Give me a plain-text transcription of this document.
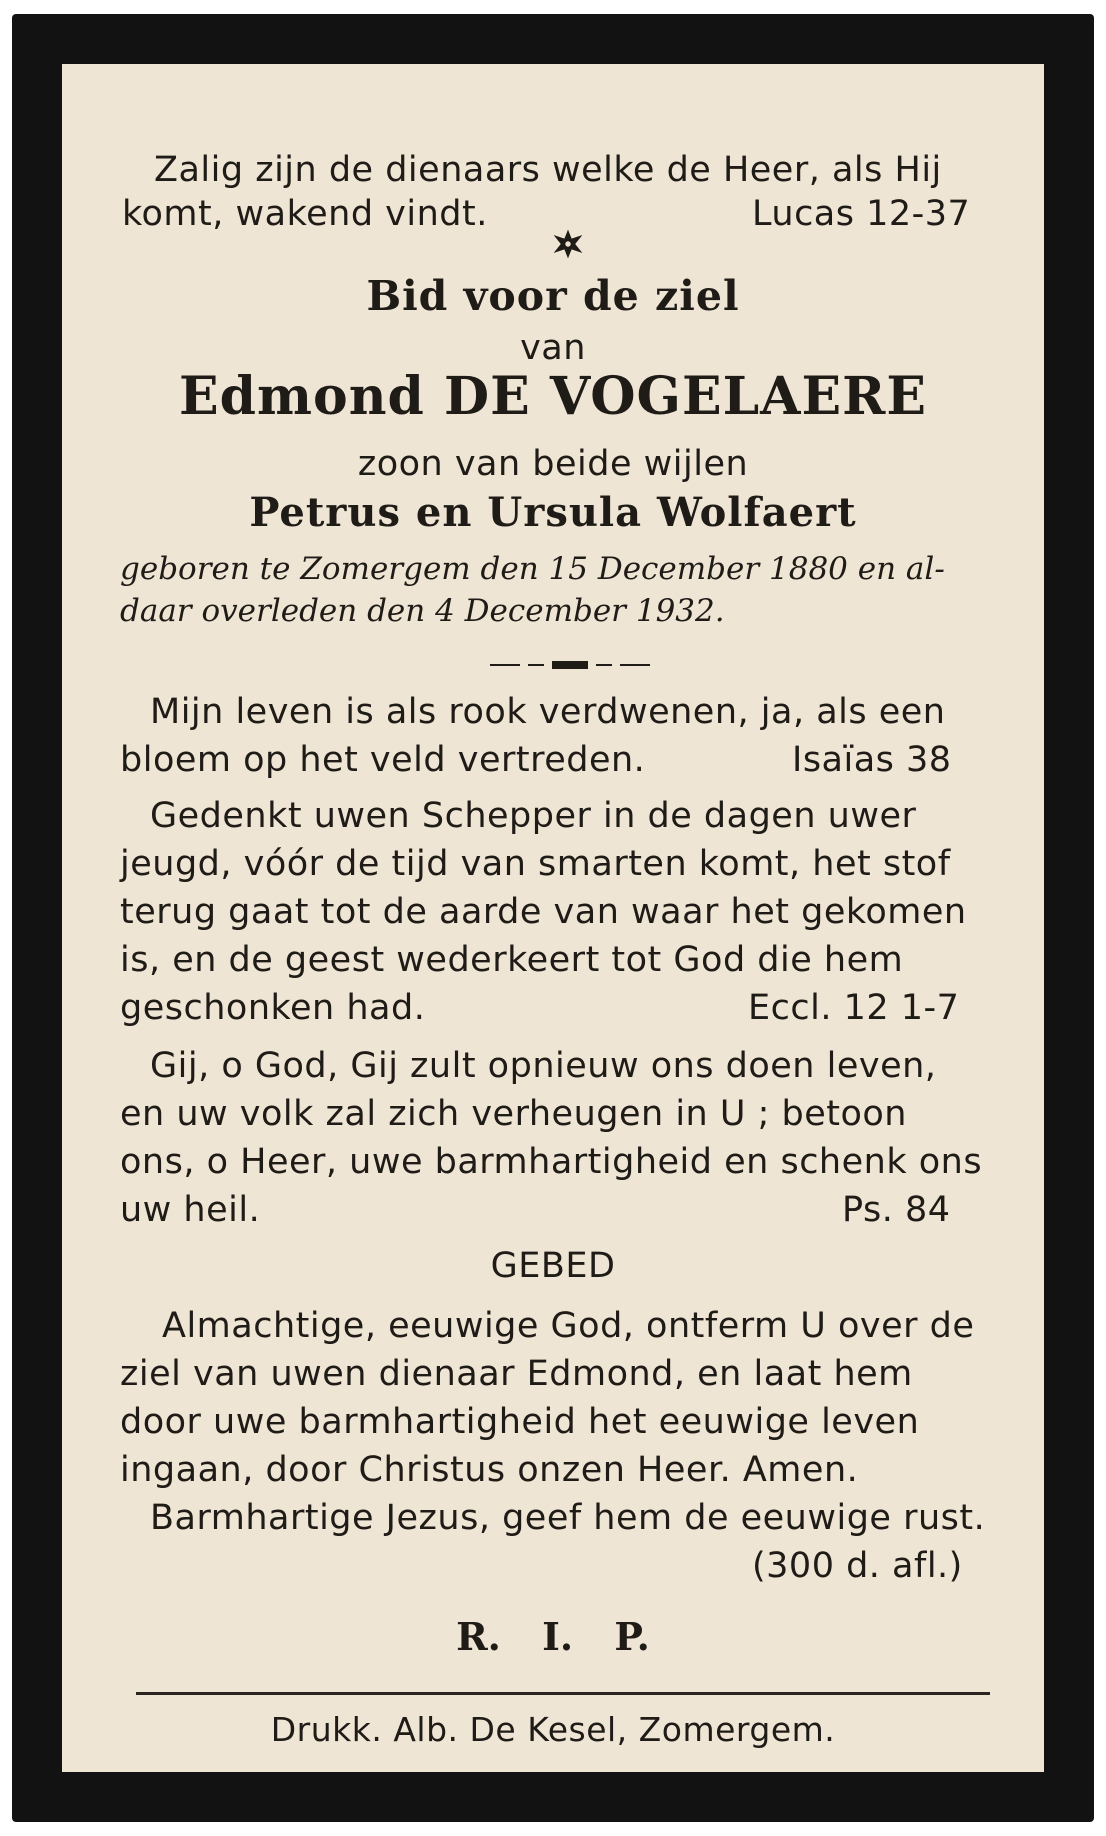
Zalig zijn de dienaars welke de Heer, als Hij
komt, wakend vindt.	Lucas 12-37
Bid voor de ziel
van
Edmond DE VOGELAERE
zoon van beide wijlen
Petrus en Ursula Wolfaert
geboren te Zomergem den 15 December 1880 en al-
daar overleden den 4 December 1932.
Mijn leven is als rook verdwenen, ja, als een
bloem op het veld vertreden.	Isaïas 38
Gedenkt uwen Schepper in de dagen uwer
jeugd, vóór de tijd van smarten komt, het stof
terug gaat tot de aarde van waar het gekomen
is, en de geest wederkeert tot God die hem
geschonken had.	Eccl. 12 1-7
Gij, o God, Gij zult opnieuw ons doen leven,
en uw volk zal zich verheugen in U ; betoon
ons, o Heer, uwe barmhartigheid en schenk ons
uw heil.	Ps. 84
GEBED
Almachtige, eeuwige God, ontferm U over de
ziel van uwen dienaar Edmond, en laat hem
door uwe barmhartigheid het eeuwige leven
ingaan, door Christus onzen Heer. Amen.
Barmhartige Jezus, geef hem de eeuwige rust.
(300 d. afl.)
R. I. P.
Drukk. Alb. De Kesel, Zomergem.
